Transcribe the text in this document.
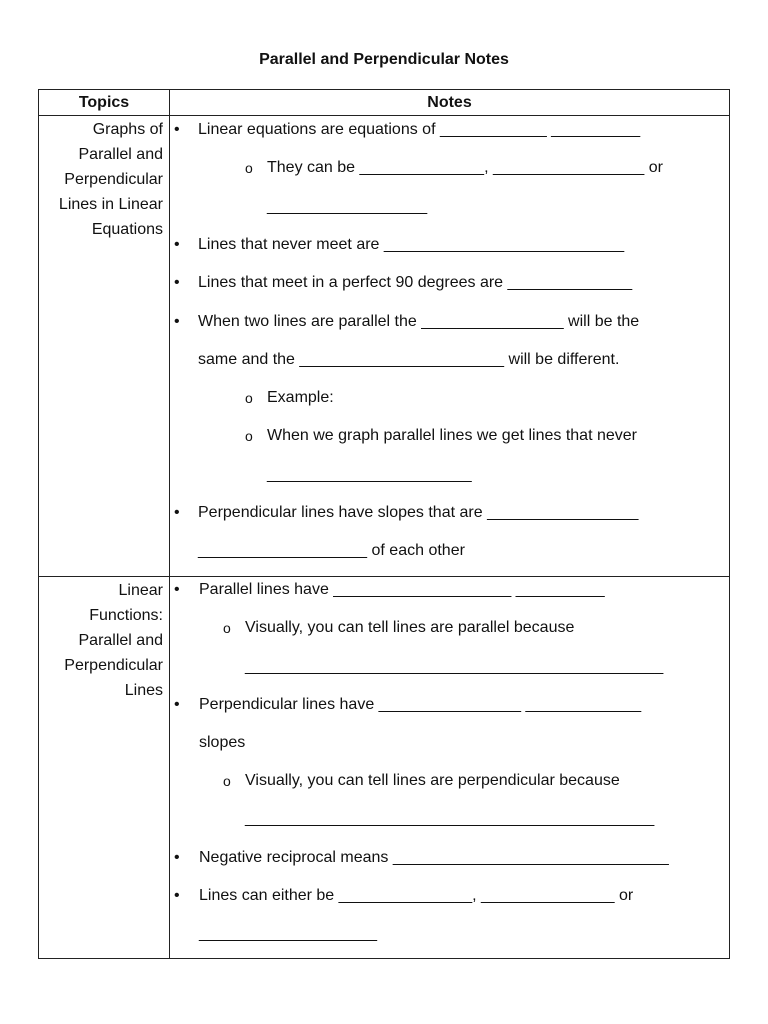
Parallel and Perpendicular Notes
Topics	Notes
Graphs of
Parallel and
Perpendicular
Lines in Linear
Equations
• Linear equations are equations of ____________ __________
o They can be ______________, _________________ or
__________________
• Lines that never meet are ___________________________
• Lines that meet in a perfect 90 degrees are ______________
• When two lines are parallel the ________________ will be the
same and the _______________________ will be different.
o Example:
o When we graph parallel lines we get lines that never
_______________________
• Perpendicular lines have slopes that are _________________
___________________ of each other
Linear
Functions:
Parallel and
Perpendicular
Lines
• Parallel lines have ____________________ __________
o Visually, you can tell lines are parallel because
_______________________________________________
• Perpendicular lines have ________________ _____________
slopes
o Visually, you can tell lines are perpendicular because
______________________________________________
• Negative reciprocal means _______________________________
• Lines can either be _______________, _______________ or
____________________
